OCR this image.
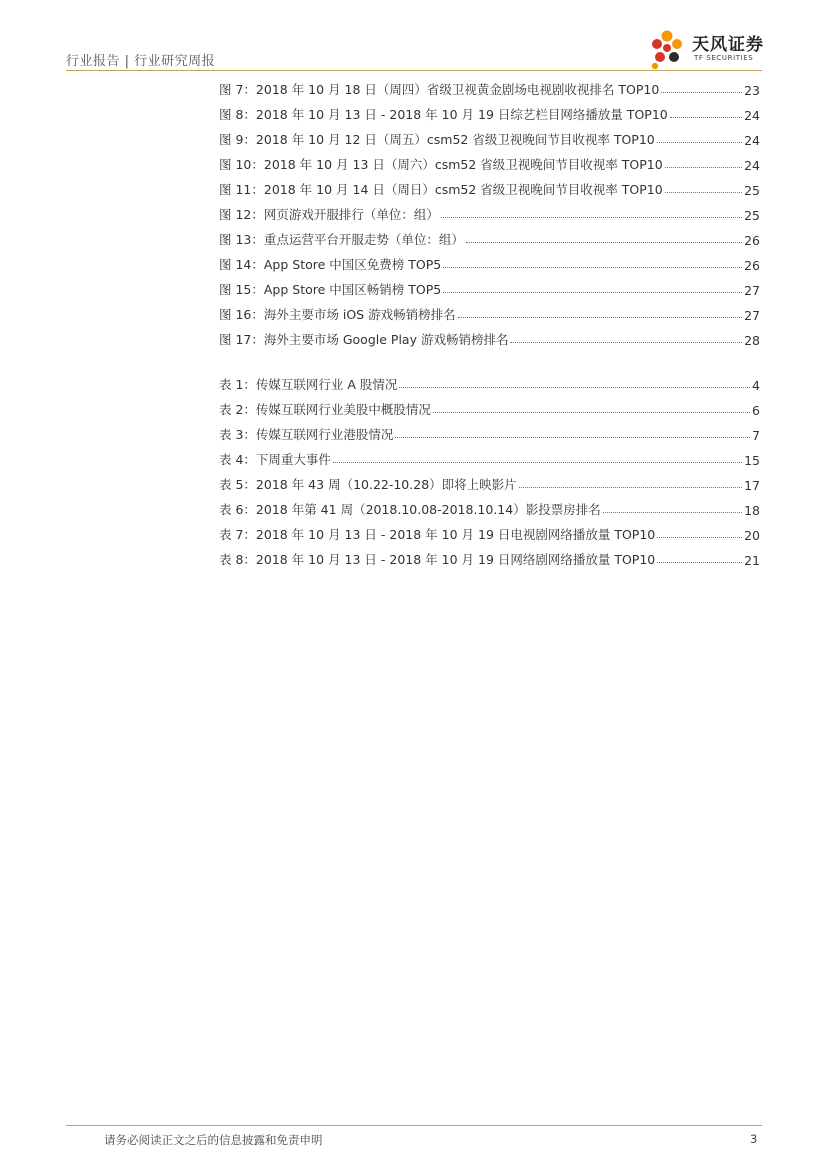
行业报告 | 行业研究周报
天风证券
TF SECURITIES
图 7：2018 年 10 月 18 日（周四）省级卫视黄金剧场电视剧收视排名 TOP10	23
图 8：2018 年 10 月 13 日 - 2018 年 10 月 19 日综艺栏目网络播放量 TOP10	24
图 9：2018 年 10 月 12 日（周五）csm52 省级卫视晚间节目收视率 TOP10	24
图 10：2018 年 10 月 13 日（周六）csm52 省级卫视晚间节目收视率 TOP10	24
图 11：2018 年 10 月 14 日（周日）csm52 省级卫视晚间节目收视率 TOP10	25
图 12：网页游戏开服排行（单位：组）	25
图 13：重点运营平台开服走势（单位：组）	26
图 14：App Store 中国区免费榜 TOP5	26
图 15：App Store 中国区畅销榜 TOP5	27
图 16：海外主要市场 iOS 游戏畅销榜排名	27
图 17：海外主要市场 Google Play 游戏畅销榜排名	28
表 1：传媒互联网行业 A 股情况	4
表 2：传媒互联网行业美股中概股情况	6
表 3：传媒互联网行业港股情况	7
表 4：下周重大事件	15
表 5：2018 年 43 周（10.22-10.28）即将上映影片	17
表 6：2018 年第 41 周（2018.10.08-2018.10.14）影投票房排名	18
表 7：2018 年 10 月 13 日 - 2018 年 10 月 19 日电视剧网络播放量 TOP10	20
表 8：2018 年 10 月 13 日 - 2018 年 10 月 19 日网络剧网络播放量 TOP10	21
请务必阅读正文之后的信息披露和免责申明	3
